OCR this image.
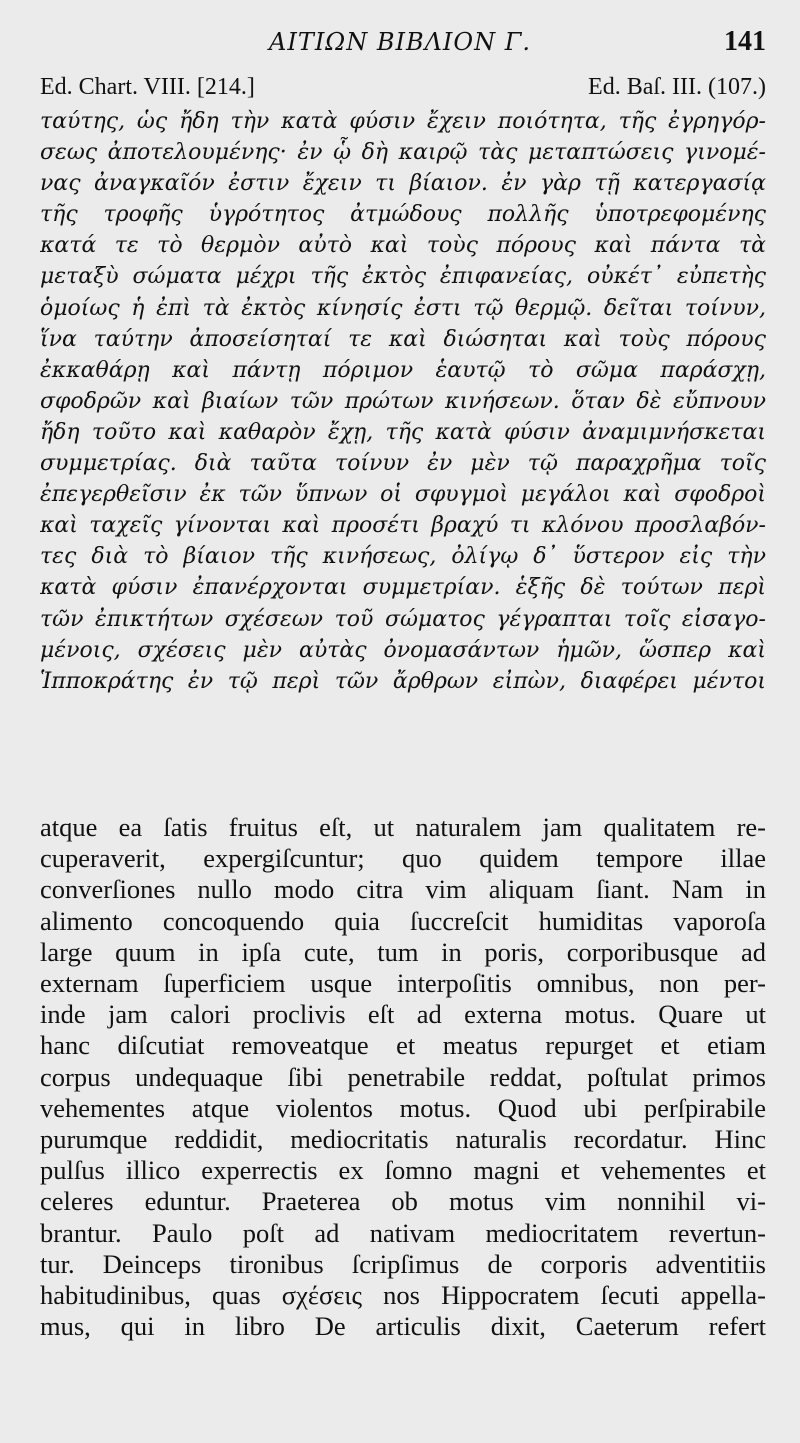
ΑΙΤΙΩΝ ΒΙΒΛΙΟΝ Γ.	141
Ed. Chart. VIII. [214.]	Ed. Baſ. III. (107.)
ταύτης, ὡς ἤδη τὴν κατὰ φύσιν ἔχειν ποιότητα, τῆς ἐγρηγόρ-
σεως ἀποτελουμένης· ἐν ᾧ δὴ καιρῷ τὰς μεταπτώσεις γινομέ-
νας ἀναγκαῖόν ἐστιν ἔχειν τι βίαιον. ἐν γὰρ τῇ κατεργασίᾳ
τῆς τροφῆς ὑγρότητος ἀτμώδους πολλῆς ὑποτρεφομένης
κατά τε τὸ θερμὸν αὐτὸ καὶ τοὺς πόρους καὶ πάντα τὰ
μεταξὺ σώματα μέχρι τῆς ἐκτὸς ἐπιφανείας, οὐκέτ᾽ εὐπετὴς
ὁμοίως ἡ ἐπὶ τὰ ἐκτὸς κίνησίς ἐστι τῷ θερμῷ. δεῖται τοίνυν,
ἵνα ταύτην ἀποσείσηταί τε καὶ διώσηται καὶ τοὺς πόρους
ἐκκαθάρῃ καὶ πάντῃ πόριμον ἑαυτῷ τὸ σῶμα παράσχῃ,
σφοδρῶν καὶ βιαίων τῶν πρώτων κινήσεων. ὅταν δὲ εὔπνουν
ἤδη τοῦτο καὶ καθαρὸν ἔχῃ, τῆς κατὰ φύσιν ἀναμιμνήσκεται
συμμετρίας. διὰ ταῦτα τοίνυν ἐν μὲν τῷ παραχρῆμα τοῖς
ἐπεγερθεῖσιν ἐκ τῶν ὕπνων οἱ σφυγμοὶ μεγάλοι καὶ σφοδροὶ
καὶ ταχεῖς γίνονται καὶ προσέτι βραχύ τι κλόνου προσλαβόν-
τες διὰ τὸ βίαιον τῆς κινήσεως, ὀλίγῳ δ᾽ ὕστερον εἰς τὴν
κατὰ φύσιν ἐπανέρχονται συμμετρίαν. ἑξῆς δὲ τούτων περὶ
τῶν ἐπικτήτων σχέσεων τοῦ σώματος γέγραπται τοῖς εἰσαγο-
μένοις, σχέσεις μὲν αὐτὰς ὀνομασάντων ἡμῶν, ὥσπερ καὶ
Ἱπποκράτης ἐν τῷ περὶ τῶν ἄρθρων εἰπὼν, διαφέρει μέντοι
atque ea ſatis fruitus eſt, ut naturalem jam qualitatem re-
cuperaverit, expergiſcuntur; quo quidem tempore illae
converſiones nullo modo citra vim aliquam ſiant. Nam in
alimento concoquendo quia ſuccreſcit humiditas vaporoſa
large quum in ipſa cute, tum in poris, corporibusque ad
externam ſuperficiem usque interpoſitis omnibus, non per-
inde jam calori proclivis eſt ad externa motus. Quare ut
hanc diſcutiat removeatque et meatus repurget et etiam
corpus undequaque ſibi penetrabile reddat, poſtulat primos
vehementes atque violentos motus. Quod ubi perſpirabile
purumque reddidit, mediocritatis naturalis recordatur. Hinc
pulſus illico experrectis ex ſomno magni et vehementes et
celeres eduntur. Praeterea ob motus vim nonnihil vi-
brantur. Paulo poſt ad nativam mediocritatem revertun-
tur. Deinceps tironibus ſcripſimus de corporis adventitiis
habitudinibus, quas σχέσεις nos Hippocratem ſecuti appella-
mus, qui in libro De articulis dixit, Caeterum refert
